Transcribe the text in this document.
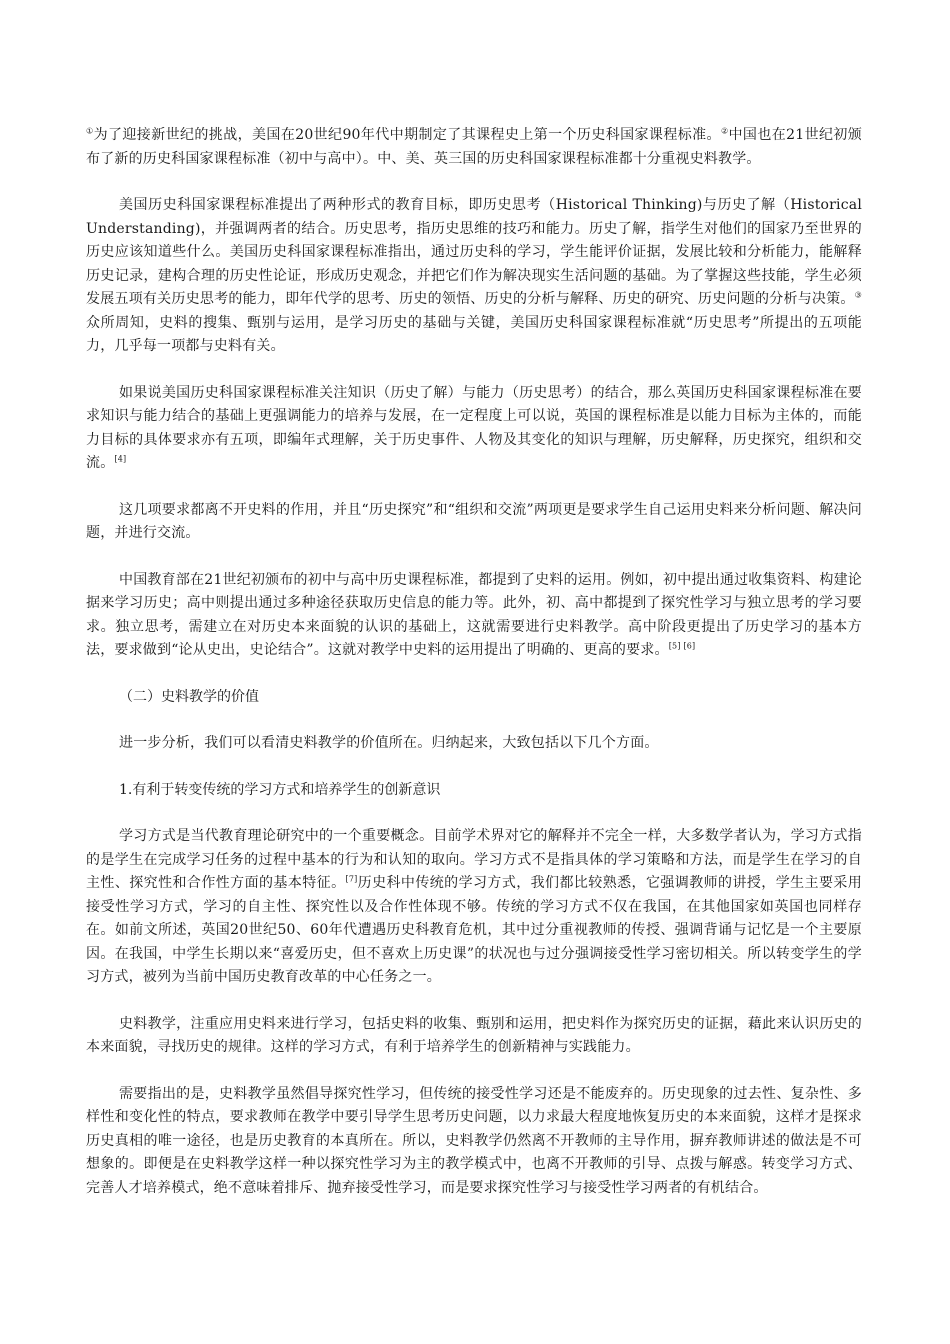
①为了迎接新世纪的挑战，美国在20世纪90年代中期制定了其课程史上第一个历史科国家课程标准。②中国也在21世纪初颁布了新的历史科国家课程标准（初中与高中）。中、美、英三国的历史科国家课程标准都十分重视史料教学。

美国历史科国家课程标准提出了两种形式的教育目标，即历史思考（Historical Thinking)与历史了解（Historical Understanding)，并强调两者的结合。历史思考，指历史思维的技巧和能力。历史了解，指学生对他们的国家乃至世界的历史应该知道些什么。美国历史科国家课程标准指出，通过历史科的学习，学生能评价证据，发展比较和分析能力，能解释历史记录，建构合理的历史性论证，形成历史观念，并把它们作为解决现实生活问题的基础。为了掌握这些技能，学生必须发展五项有关历史思考的能力，即年代学的思考、历史的领悟、历史的分析与解释、历史的研究、历史问题的分析与决策。③众所周知，史料的搜集、甄别与运用，是学习历史的基础与关键，美国历史科国家课程标准就“历史思考”所提出的五项能力，几乎每一项都与史料有关。

如果说美国历史科国家课程标准关注知识（历史了解）与能力（历史思考）的结合，那么英国历史科国家课程标准在要求知识与能力结合的基础上更强调能力的培养与发展，在一定程度上可以说，英国的课程标准是以能力目标为主体的，而能力目标的具体要求亦有五项，即编年式理解，关于历史事件、人物及其变化的知识与理解，历史解释，历史探究，组织和交流。[4]

这几项要求都离不开史料的作用，并且“历史探究”和“组织和交流”两项更是要求学生自己运用史料来分析问题、解决问题，并进行交流。

中国教育部在21世纪初颁布的初中与高中历史课程标准，都提到了史料的运用。例如，初中提出通过收集资料、构建论据来学习历史；高中则提出通过多种途径获取历史信息的能力等。此外，初、高中都提到了探究性学习与独立思考的学习要求。独立思考，需建立在对历史本来面貌的认识的基础上，这就需要进行史料教学。高中阶段更提出了历史学习的基本方法，要求做到“论从史出，史论结合”。这就对教学中史料的运用提出了明确的、更高的要求。[5] [6]

（二）史料教学的价值

进一步分析，我们可以看清史料教学的价值所在。归纳起来，大致包括以下几个方面。

1.有利于转变传统的学习方式和培养学生的创新意识

学习方式是当代教育理论研究中的一个重要概念。目前学术界对它的解释并不完全一样，大多数学者认为，学习方式指的是学生在完成学习任务的过程中基本的行为和认知的取向。学习方式不是指具体的学习策略和方法，而是学生在学习的自主性、探究性和合作性方面的基本特征。[7]历史科中传统的学习方式，我们都比较熟悉，它强调教师的讲授，学生主要采用接受性学习方式，学习的自主性、探究性以及合作性体现不够。传统的学习方式不仅在我国，在其他国家如英国也同样存在。如前文所述，英国20世纪50、60年代遭遇历史科教育危机，其中过分重视教师的传授、强调背诵与记忆是一个主要原因。在我国，中学生长期以来“喜爱历史，但不喜欢上历史课”的状况也与过分强调接受性学习密切相关。所以转变学生的学习方式，被列为当前中国历史教育改革的中心任务之一。

史料教学，注重应用史料来进行学习，包括史料的收集、甄别和运用，把史料作为探究历史的证据，藉此来认识历史的本来面貌，寻找历史的规律。这样的学习方式，有利于培养学生的创新精神与实践能力。

需要指出的是，史料教学虽然倡导探究性学习，但传统的接受性学习还是不能废弃的。历史现象的过去性、复杂性、多样性和变化性的特点，要求教师在教学中要引导学生思考历史问题，以力求最大程度地恢复历史的本来面貌，这样才是探求历史真相的唯一途径，也是历史教育的本真所在。所以，史料教学仍然离不开教师的主导作用，摒弃教师讲述的做法是不可想象的。即便是在史料教学这样一种以探究性学习为主的教学模式中，也离不开教师的引导、点拨与解惑。转变学习方式、完善人才培养模式，绝不意味着排斥、抛弃接受性学习，而是要求探究性学习与接受性学习两者的有机结合。
